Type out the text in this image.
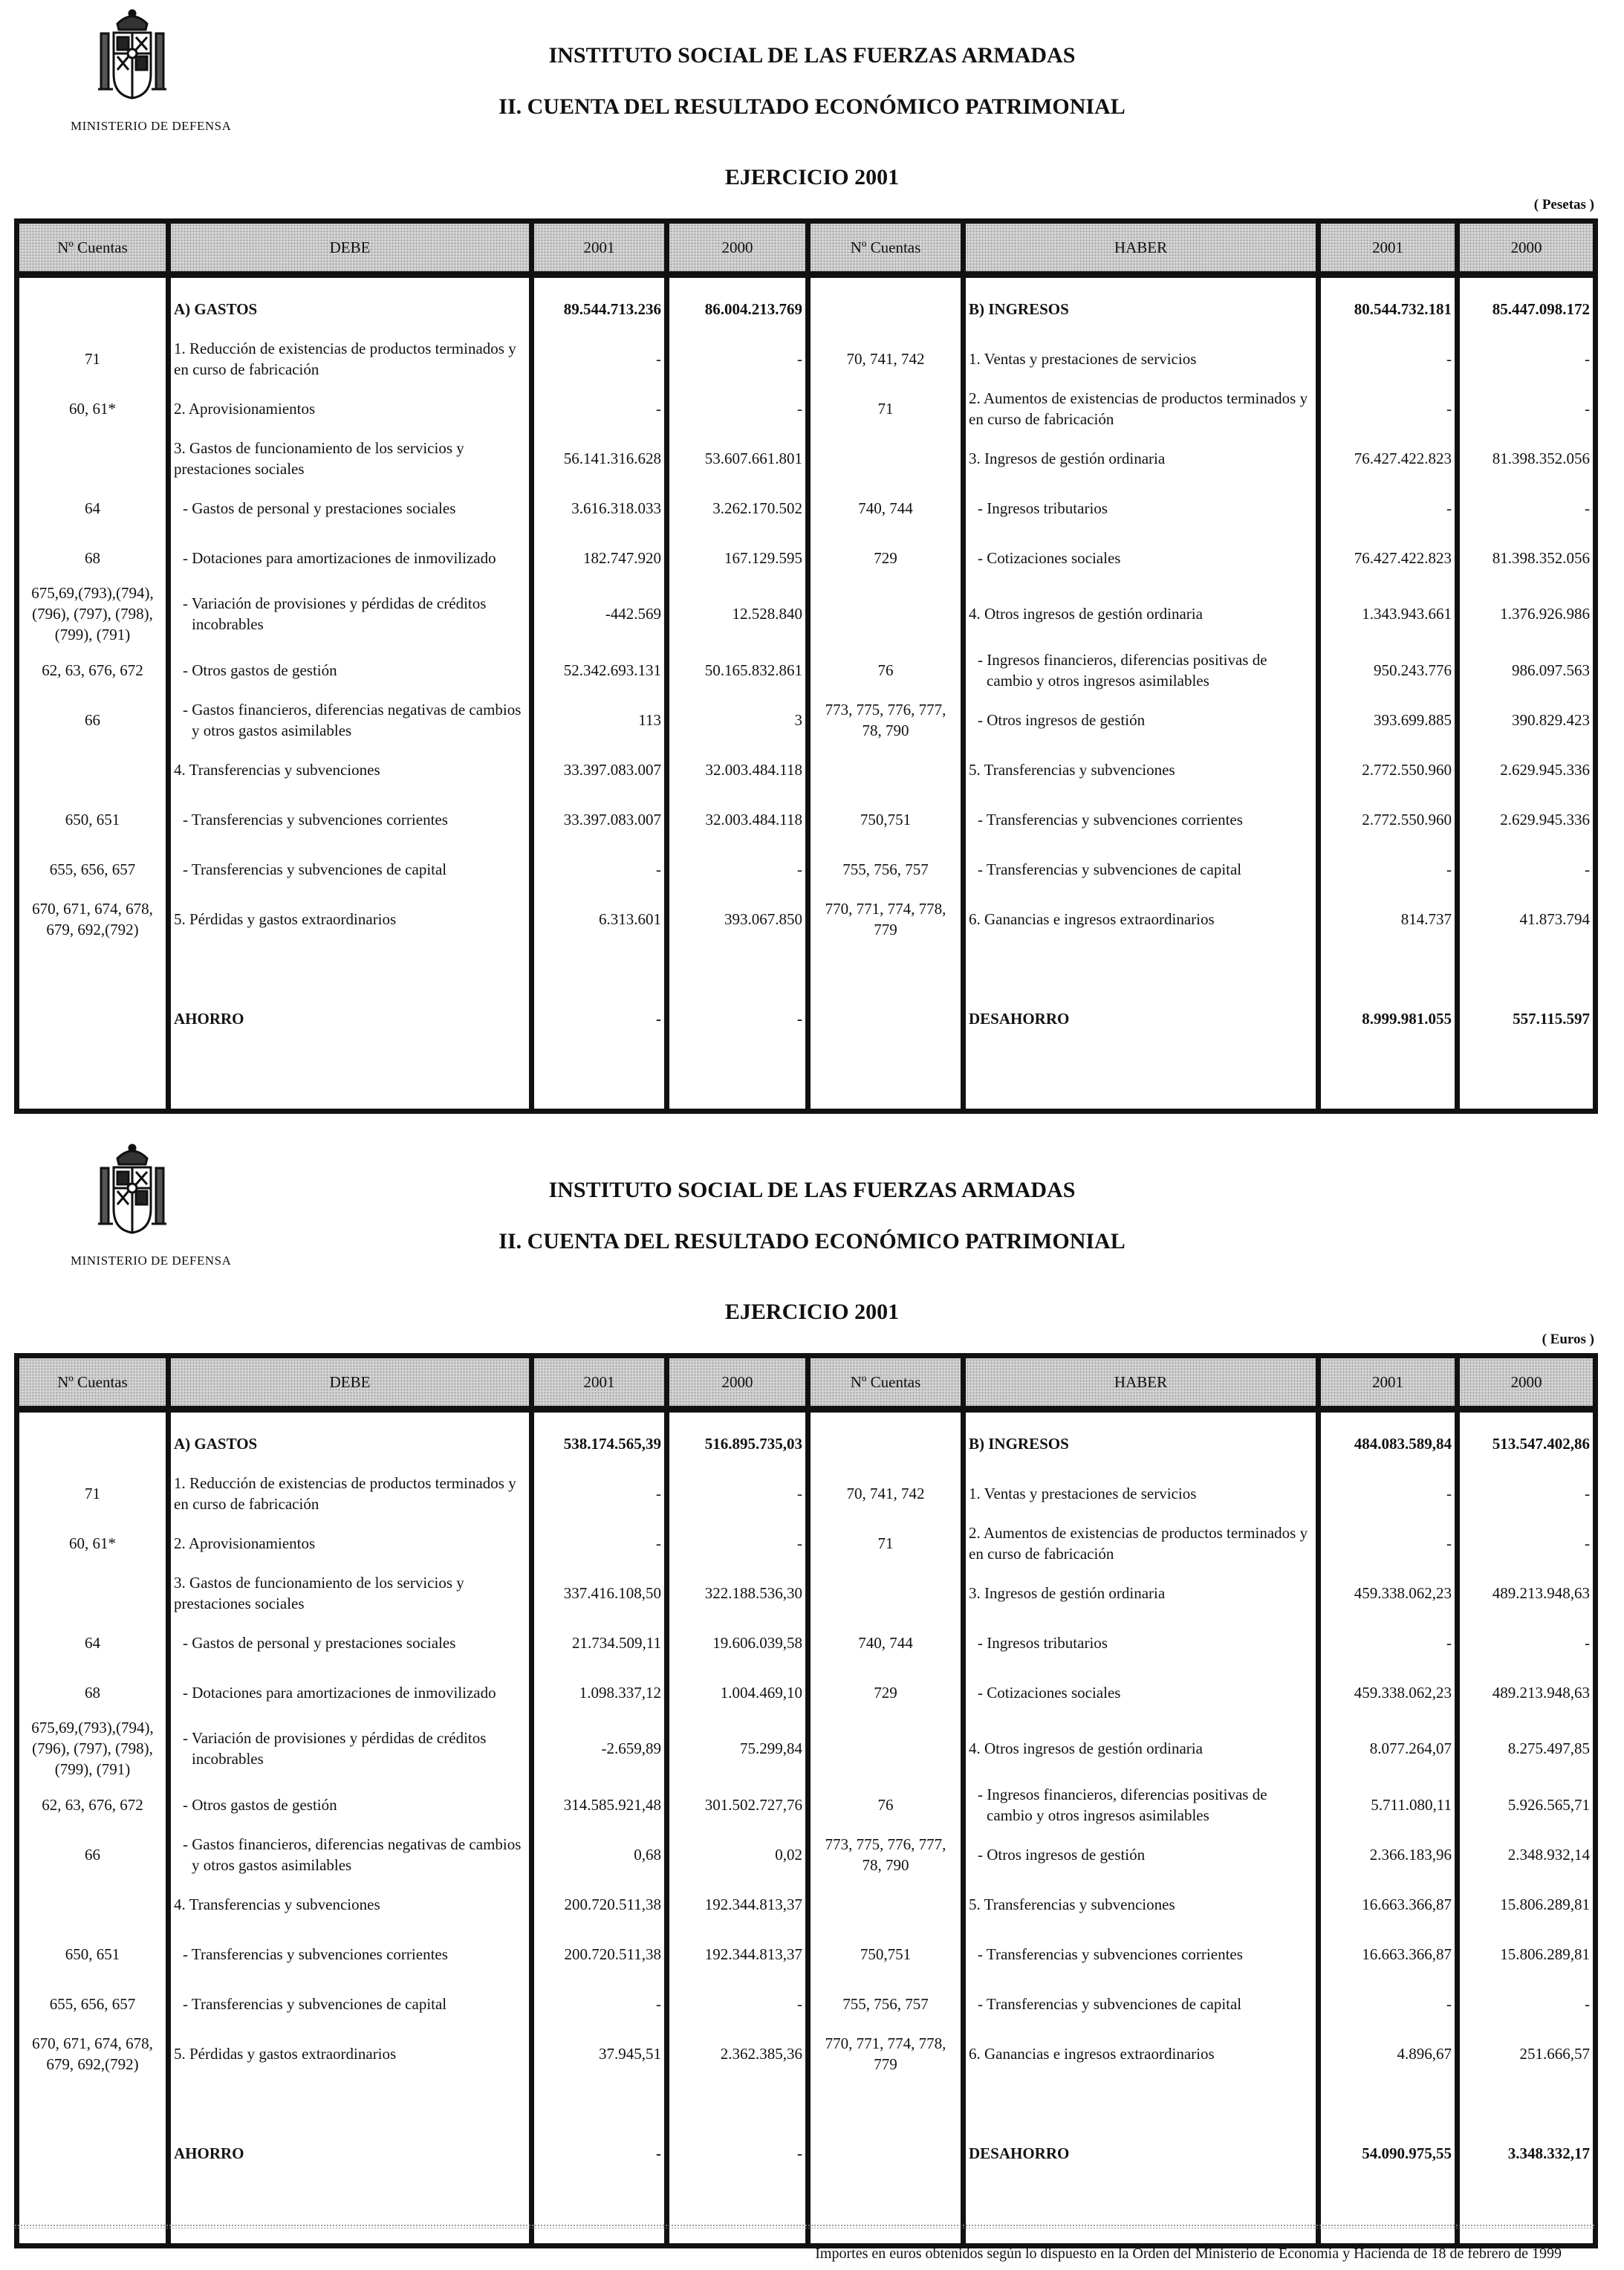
MINISTERIO DE DEFENSA
INSTITUTO SOCIAL DE LAS FUERZAS ARMADAS
II. CUENTA DEL RESULTADO ECONÓMICO PATRIMONIAL
EJERCICIO 2001
( Pesetas )
Nº Cuentas	DEBE	2001	2000	Nº Cuentas	HABER	2001	2000
	A) GASTOS	89.544.713.236	86.004.213.769		B) INGRESOS	80.544.732.181	85.447.098.172
71	1. Reducción de existencias de productos terminados y en curso de fabricación	-	-	70, 741, 742	1. Ventas y prestaciones de servicios	-	-
60, 61*	2. Aprovisionamientos	-	-	71	2. Aumentos de existencias de productos terminados y en curso de fabricación	-	-
	3. Gastos de funcionamiento de los servicios y prestaciones sociales	56.141.316.628	53.607.661.801		3. Ingresos de gestión ordinaria	76.427.422.823	81.398.352.056
64	- Gastos de personal y prestaciones sociales	3.616.318.033	3.262.170.502	740, 744	- Ingresos tributarios	-	-
68	- Dotaciones para amortizaciones de inmovilizado	182.747.920	167.129.595	729	- Cotizaciones sociales	76.427.422.823	81.398.352.056
675,69,(793),(794), (796), (797), (798), (799), (791)	- Variación de provisiones y pérdidas de créditos incobrables	-442.569	12.528.840		4. Otros ingresos de gestión ordinaria	1.343.943.661	1.376.926.986
62, 63, 676, 672	- Otros gastos de gestión	52.342.693.131	50.165.832.861	76	- Ingresos financieros, diferencias positivas de cambio y otros ingresos asimilables	950.243.776	986.097.563
66	- Gastos financieros, diferencias negativas de cambios y otros gastos asimilables	113	3	773, 775, 776, 777, 78, 790	- Otros ingresos de gestión	393.699.885	390.829.423
	4. Transferencias y subvenciones	33.397.083.007	32.003.484.118		5. Transferencias y subvenciones	2.772.550.960	2.629.945.336
650, 651	- Transferencias y subvenciones corrientes	33.397.083.007	32.003.484.118	750,751	- Transferencias y subvenciones corrientes	2.772.550.960	2.629.945.336
655, 656, 657	- Transferencias y subvenciones de capital	-	-	755, 756, 757	- Transferencias y subvenciones de capital	-	-
670, 671, 674, 678, 679, 692,(792)	5. Pérdidas y gastos extraordinarios	6.313.601	393.067.850	770, 771, 774, 778, 779	6. Ganancias e ingresos extraordinarios	814.737	41.873.794

	AHORRO	-	-		DESAHORRO	8.999.981.055	557.115.597

MINISTERIO DE DEFENSA
INSTITUTO SOCIAL DE LAS FUERZAS ARMADAS
II. CUENTA DEL RESULTADO ECONÓMICO PATRIMONIAL
EJERCICIO 2001
( Euros )
Nº Cuentas	DEBE	2001	2000	Nº Cuentas	HABER	2001	2000
	A) GASTOS	538.174.565,39	516.895.735,03		B) INGRESOS	484.083.589,84	513.547.402,86
71	1. Reducción de existencias de productos terminados y en curso de fabricación	-	-	70, 741, 742	1. Ventas y prestaciones de servicios	-	-
60, 61*	2. Aprovisionamientos	-	-	71	2. Aumentos de existencias de productos terminados y en curso de fabricación	-	-
	3. Gastos de funcionamiento de los servicios y prestaciones sociales	337.416.108,50	322.188.536,30		3. Ingresos de gestión ordinaria	459.338.062,23	489.213.948,63
64	- Gastos de personal y prestaciones sociales	21.734.509,11	19.606.039,58	740, 744	- Ingresos tributarios	-	-
68	- Dotaciones para amortizaciones de inmovilizado	1.098.337,12	1.004.469,10	729	- Cotizaciones sociales	459.338.062,23	489.213.948,63
675,69,(793),(794), (796), (797), (798), (799), (791)	- Variación de provisiones y pérdidas de créditos incobrables	-2.659,89	75.299,84		4. Otros ingresos de gestión ordinaria	8.077.264,07	8.275.497,85
62, 63, 676, 672	- Otros gastos de gestión	314.585.921,48	301.502.727,76	76	- Ingresos financieros, diferencias positivas de cambio y otros ingresos asimilables	5.711.080,11	5.926.565,71
66	- Gastos financieros, diferencias negativas de cambios y otros gastos asimilables	0,68	0,02	773, 775, 776, 777, 78, 790	- Otros ingresos de gestión	2.366.183,96	2.348.932,14
	4. Transferencias y subvenciones	200.720.511,38	192.344.813,37		5. Transferencias y subvenciones	16.663.366,87	15.806.289,81
650, 651	- Transferencias y subvenciones corrientes	200.720.511,38	192.344.813,37	750,751	- Transferencias y subvenciones corrientes	16.663.366,87	15.806.289,81
655, 656, 657	- Transferencias y subvenciones de capital	-	-	755, 756, 757	- Transferencias y subvenciones de capital	-	-
670, 671, 674, 678, 679, 692,(792)	5. Pérdidas y gastos extraordinarios	37.945,51	2.362.385,36	770, 771, 774, 778, 779	6. Ganancias e ingresos extraordinarios	4.896,67	251.666,57

	AHORRO	-	-		DESAHORRO	54.090.975,55	3.348.332,17

Importes en euros obtenidos según lo dispuesto en la Orden del Ministerio de Economía y Hacienda de 18 de febrero de 1999
